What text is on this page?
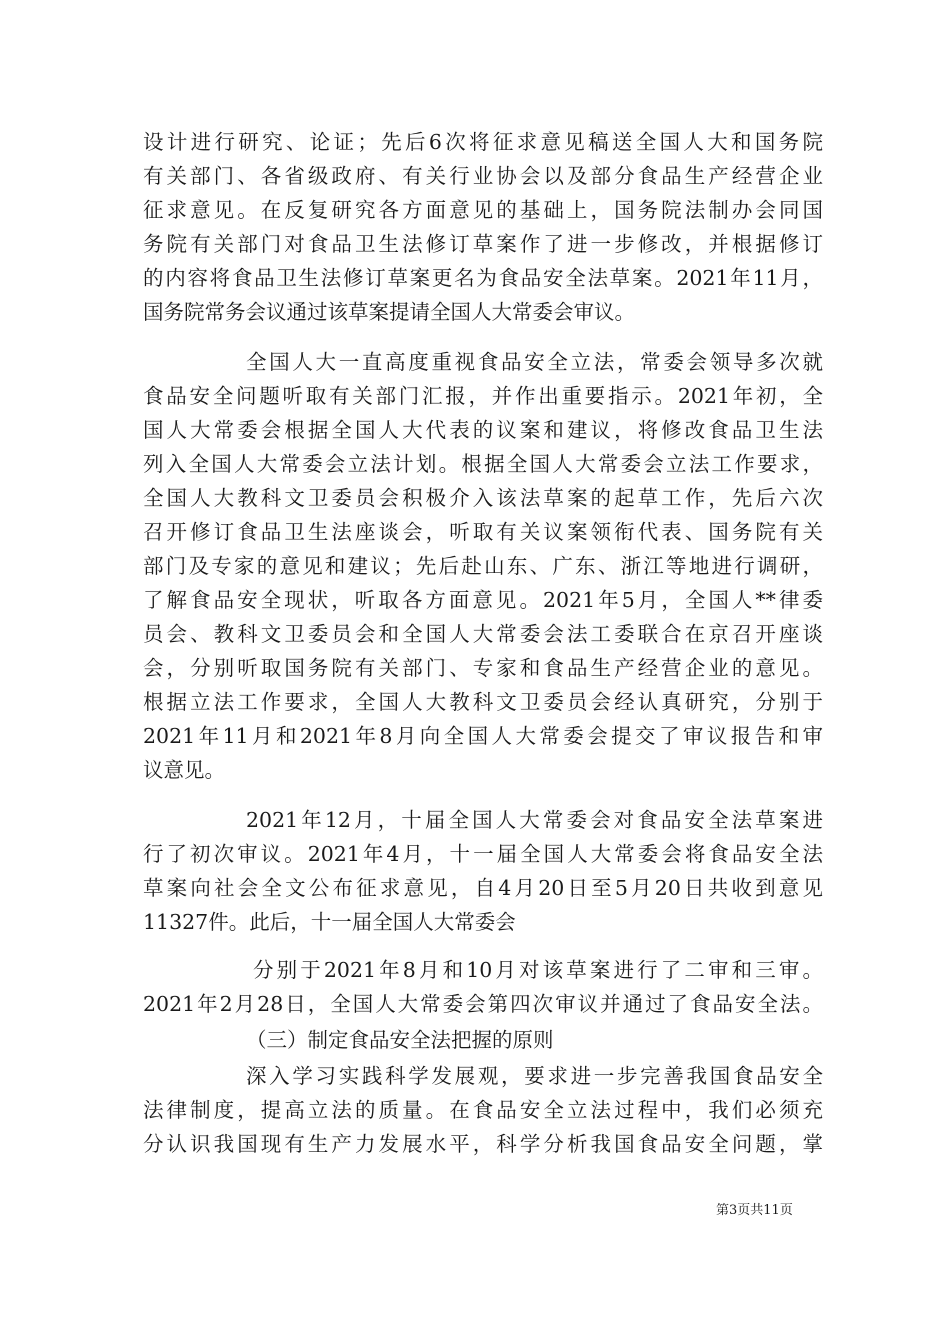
设计进行研究、论证；先后6次将征求意见稿送全国人大和国务院

有关部门、各省级政府、有关行业协会以及部分食品生产经营企业

征求意见。在反复研究各方面意见的基础上，国务院法制办会同国

务院有关部门对食品卫生法修订草案作了进一步修改，并根据修订

的内容将食品卫生法修订草案更名为食品安全法草案。2021年11月，

国务院常务会议通过该草案提请全国人大常委会审议。

全国人大一直高度重视食品安全立法，常委会领导多次就

食品安全问题听取有关部门汇报，并作出重要指示。2021年初，全

国人大常委会根据全国人大代表的议案和建议，将修改食品卫生法

列入全国人大常委会立法计划。根据全国人大常委会立法工作要求，

全国人大教科文卫委员会积极介入该法草案的起草工作，先后六次

召开修订食品卫生法座谈会，听取有关议案领衔代表、国务院有关

部门及专家的意见和建议；先后赴山东、广东、浙江等地进行调研，

了解食品安全现状，听取各方面意见。2021年5月，全国人**律委

员会、教科文卫委员会和全国人大常委会法工委联合在京召开座谈

会，分别听取国务院有关部门、专家和食品生产经营企业的意见。

根据立法工作要求，全国人大教科文卫委员会经认真研究，分别于

2021年11月和2021年8月向全国人大常委会提交了审议报告和审

议意见。

2021年12月，十届全国人大常委会对食品安全法草案进

行了初次审议。2021年4月，十一届全国人大常委会将食品安全法

草案向社会全文公布征求意见，自4月20日至5月20日共收到意见

11327件。此后，十一届全国人大常委会

分别于2021年8月和10月对该草案进行了二审和三审。

2021年2月28日，全国人大常委会第四次审议并通过了食品安全法。

（三）制定食品安全法把握的原则

深入学习实践科学发展观，要求进一步完善我国食品安全

法律制度，提高立法的质量。在食品安全立法过程中，我们必须充

分认识我国现有生产力发展水平，科学分析我国食品安全问题，掌

第3页共11页
